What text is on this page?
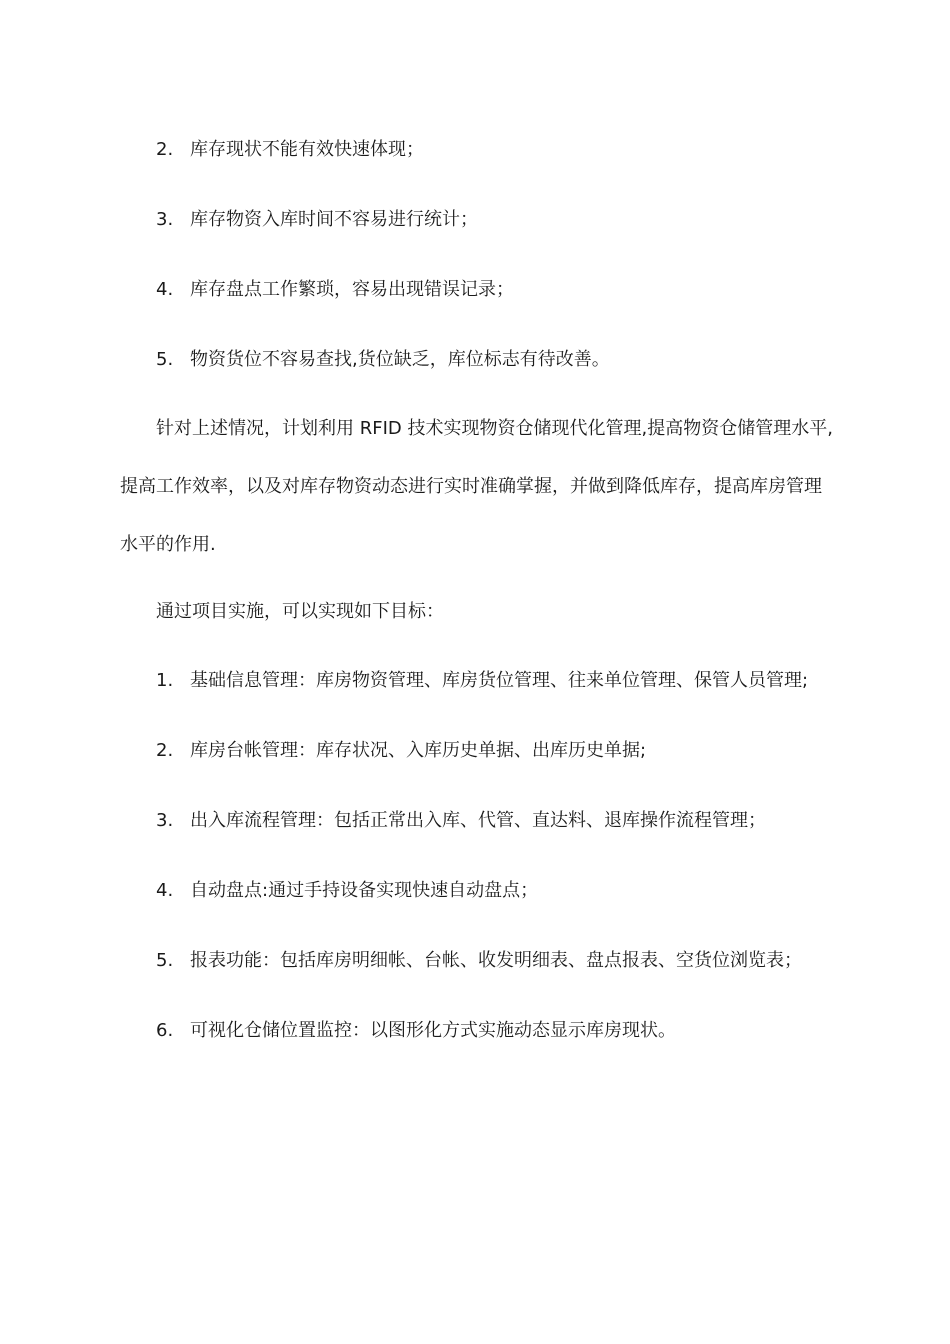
2. 库存现状不能有效快速体现；
3. 库存物资入库时间不容易进行统计；
4. 库存盘点工作繁琐，容易出现错误记录；
5. 物资货位不容易查找,货位缺乏，库位标志有待改善。

针对上述情况，计划利用 RFID 技术实现物资仓储现代化管理,提高物资仓储管理水平,提高工作效率，以及对库存物资动态进行实时准确掌握，并做到降低库存，提高库房管理水平的作用.

通过项目实施，可以实现如下目标：

1. 基础信息管理：库房物资管理、库房货位管理、往来单位管理、保管人员管理;
2. 库房台帐管理：库存状况、入库历史单据、出库历史单据;
3. 出入库流程管理：包括正常出入库、代管、直达料、退库操作流程管理；
4. 自动盘点:通过手持设备实现快速自动盘点；
5. 报表功能：包括库房明细帐、台帐、收发明细表、盘点报表、空货位浏览表；
6. 可视化仓储位置监控：以图形化方式实施动态显示库房现状。
